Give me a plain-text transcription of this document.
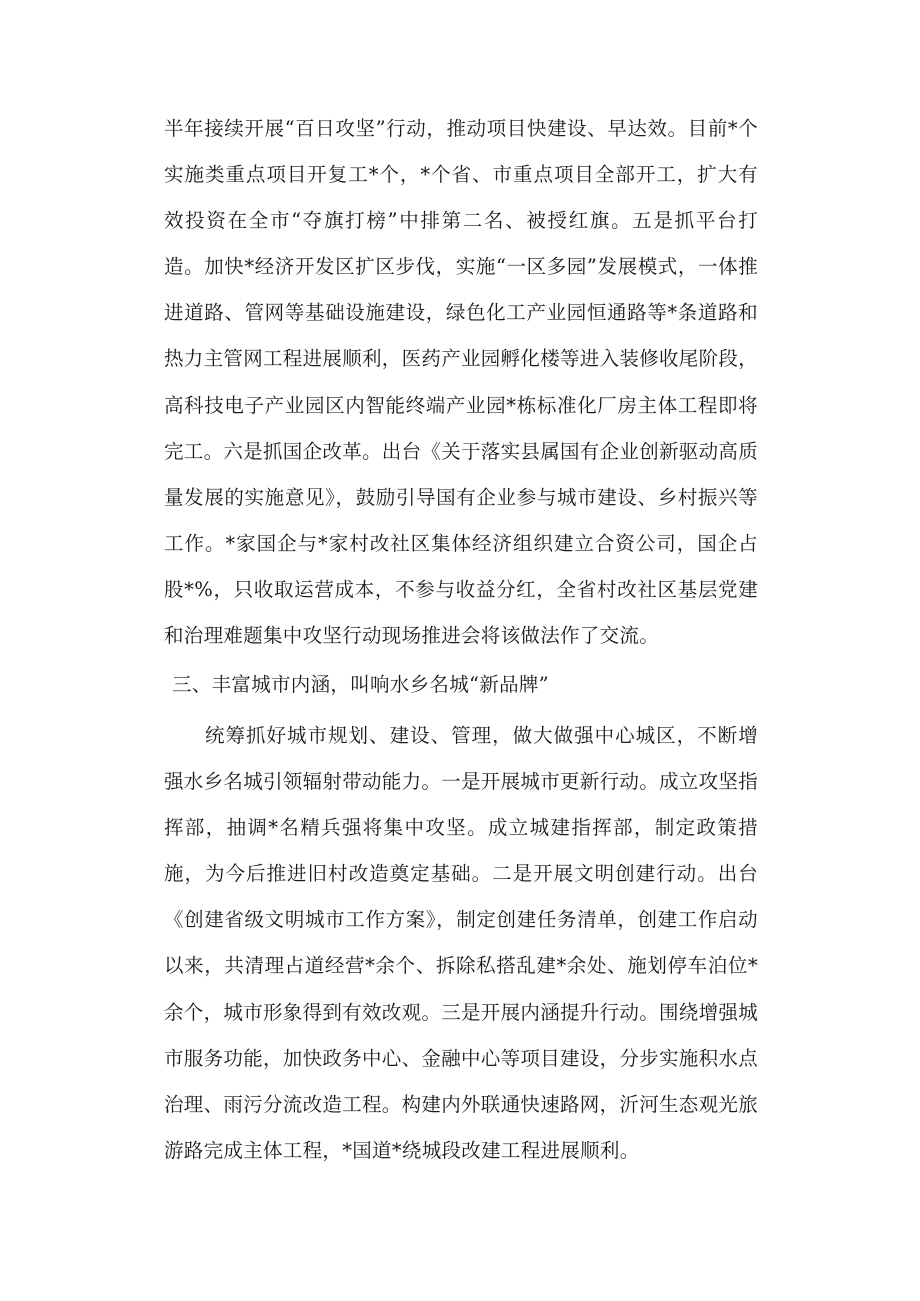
半年接续开展“百日攻坚”行动，推动项目快建设、早达效。目前*个实施类重点项目开复工*个，*个省、市重点项目全部开工，扩大有效投资在全市“夺旗打榜”中排第二名、被授红旗。五是抓平台打造。加快*经济开发区扩区步伐，实施“一区多园”发展模式，一体推进道路、管网等基础设施建设，绿色化工产业园恒通路等*条道路和热力主管网工程进展顺利，医药产业园孵化楼等进入装修收尾阶段，高科技电子产业园区内智能终端产业园*栋标准化厂房主体工程即将完工。六是抓国企改革。出台《关于落实县属国有企业创新驱动高质量发展的实施意见》，鼓励引导国有企业参与城市建设、乡村振兴等工作。*家国企与*家村改社区集体经济组织建立合资公司，国企占股*%，只收取运营成本，不参与收益分红，全省村改社区基层党建和治理难题集中攻坚行动现场推进会将该做法作了交流。

三、丰富城市内涵，叫响水乡名城“新品牌”

统筹抓好城市规划、建设、管理，做大做强中心城区，不断增强水乡名城引领辐射带动能力。一是开展城市更新行动。成立攻坚指挥部，抽调*名精兵强将集中攻坚。成立城建指挥部，制定政策措施，为今后推进旧村改造奠定基础。二是开展文明创建行动。出台《创建省级文明城市工作方案》，制定创建任务清单，创建工作启动以来，共清理占道经营*余个、拆除私搭乱建*余处、施划停车泊位*余个，城市形象得到有效改观。三是开展内涵提升行动。围绕增强城市服务功能，加快政务中心、金融中心等项目建设，分步实施积水点治理、雨污分流改造工程。构建内外联通快速路网，沂河生态观光旅游路完成主体工程，*国道*绕城段改建工程进展顺利。
